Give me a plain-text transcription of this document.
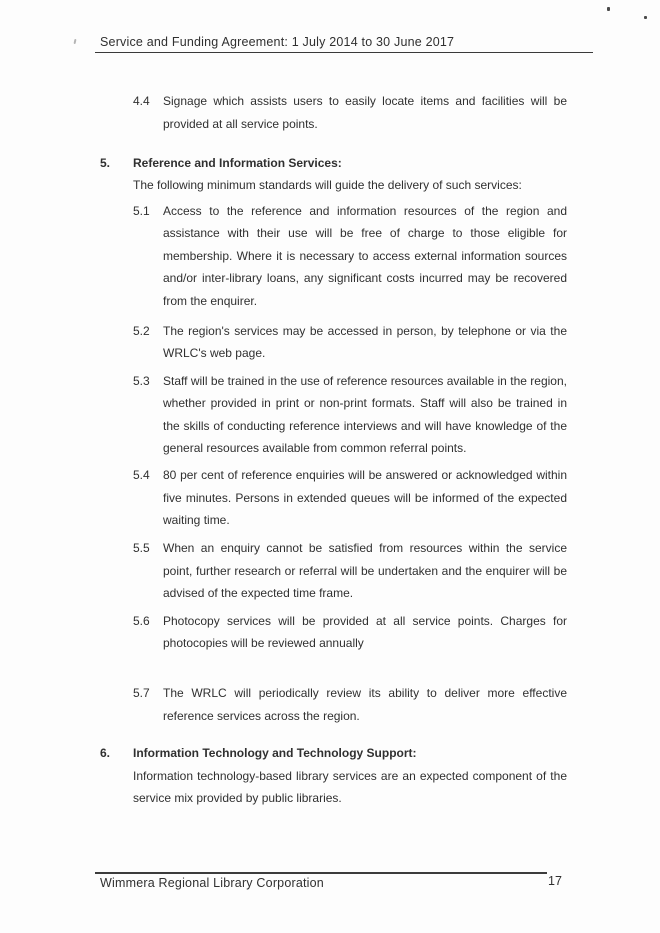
Service and Funding Agreement: 1 July 2014 to 30 June 2017
4.4	Signage which assists users to easily locate items and facilities will be provided at all service points.
5.	Reference and Information Services:
The following minimum standards will guide the delivery of such services:
5.1	Access to the reference and information resources of the region and assistance with their use will be free of charge to those eligible for membership. Where it is necessary to access external information sources and/or inter-library loans, any significant costs incurred may be recovered from the enquirer.
5.2	The region's services may be accessed in person, by telephone or via the WRLC's web page.
5.3	Staff will be trained in the use of reference resources available in the region, whether provided in print or non-print formats. Staff will also be trained in the skills of conducting reference interviews and will have knowledge of the general resources available from common referral points.
5.4	80 per cent of reference enquiries will be answered or acknowledged within five minutes. Persons in extended queues will be informed of the expected waiting time.
5.5	When an enquiry cannot be satisfied from resources within the service point, further research or referral will be undertaken and the enquirer will be advised of the expected time frame.
5.6	Photocopy services will be provided at all service points. Charges for photocopies will be reviewed annually
5.7	The WRLC will periodically review its ability to deliver more effective reference services across the region.
6.	Information Technology and Technology Support:
Information technology-based library services are an expected component of the service mix provided by public libraries.
Wimmera Regional Library Corporation	17
